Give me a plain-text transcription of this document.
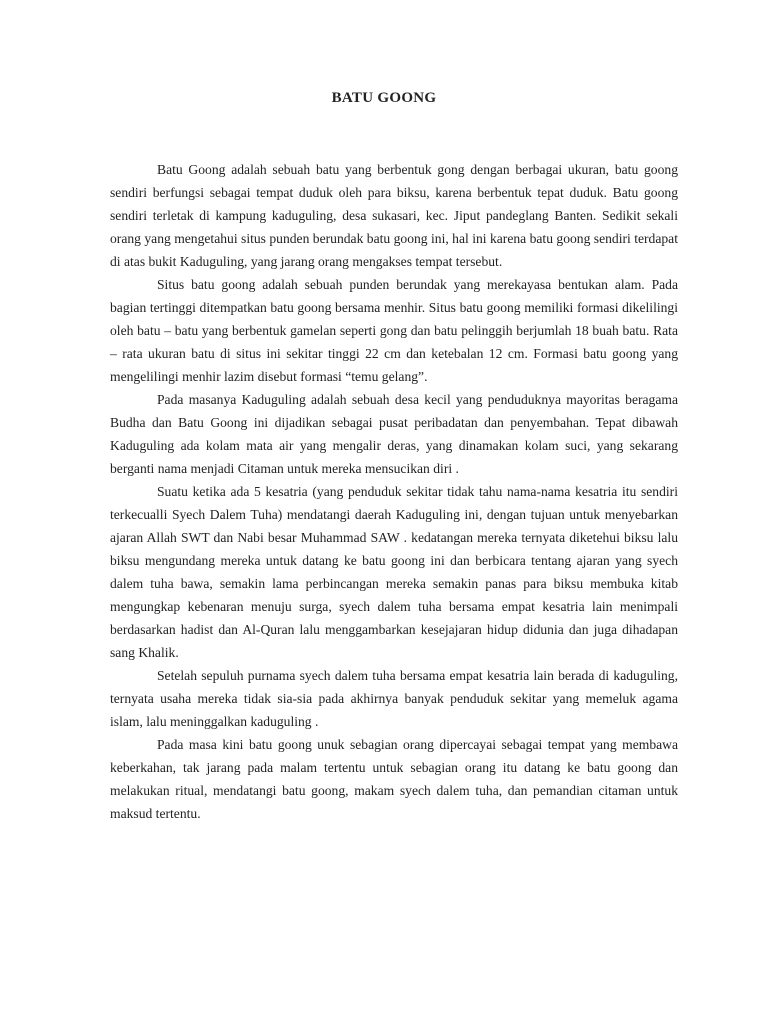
BATU GOONG

Batu Goong adalah sebuah batu yang berbentuk gong dengan berbagai ukuran, batu goong sendiri berfungsi sebagai tempat duduk oleh para biksu, karena berbentuk tepat duduk. Batu goong sendiri terletak di kampung kaduguling, desa sukasari, kec. Jiput pandeglang Banten. Sedikit sekali orang yang mengetahui situs punden berundak batu goong ini, hal ini karena batu goong sendiri terdapat di atas bukit Kaduguling, yang jarang orang mengakses tempat tersebut.

Situs batu goong adalah sebuah punden berundak yang merekayasa bentukan alam. Pada bagian tertinggi ditempatkan batu goong bersama menhir. Situs batu goong memiliki formasi dikelilingi oleh batu – batu yang berbentuk gamelan seperti gong dan batu pelinggih berjumlah 18 buah batu. Rata – rata ukuran batu di situs ini sekitar tinggi 22 cm dan ketebalan 12 cm. Formasi batu goong yang mengelilingi menhir lazim disebut formasi “temu gelang”.

Pada masanya Kaduguling adalah sebuah desa kecil yang penduduknya mayoritas beragama Budha dan Batu Goong ini dijadikan sebagai pusat peribadatan dan penyembahan. Tepat dibawah Kaduguling ada kolam mata air yang mengalir deras, yang dinamakan kolam suci, yang sekarang berganti nama menjadi Citaman untuk mereka mensucikan diri .

Suatu ketika ada 5 kesatria (yang penduduk sekitar tidak tahu nama-nama kesatria itu sendiri terkecualli Syech Dalem Tuha) mendatangi daerah Kaduguling ini, dengan tujuan untuk menyebarkan ajaran Allah SWT dan Nabi besar Muhammad SAW . kedatangan mereka ternyata diketehui biksu lalu biksu mengundang mereka untuk datang ke batu goong ini dan berbicara tentang ajaran yang syech dalem tuha bawa, semakin lama perbincangan mereka semakin panas para biksu membuka kitab mengungkap kebenaran menuju surga, syech dalem tuha bersama empat kesatria lain menimpali berdasarkan hadist dan Al-Quran lalu menggambarkan kesejajaran hidup didunia dan juga dihadapan sang Khalik.

Setelah sepuluh purnama syech dalem tuha bersama empat kesatria lain berada di kaduguling, ternyata usaha mereka tidak sia-sia pada akhirnya banyak penduduk sekitar yang memeluk agama islam, lalu meninggalkan kaduguling .

Pada masa kini batu goong unuk sebagian orang dipercayai sebagai tempat yang membawa keberkahan, tak jarang pada malam tertentu untuk sebagian orang itu datang ke batu goong dan melakukan ritual, mendatangi batu goong, makam syech dalem tuha, dan pemandian citaman untuk maksud tertentu.
